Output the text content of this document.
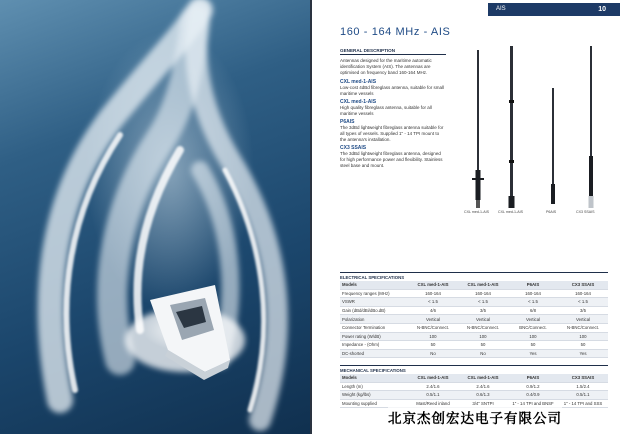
AIS	10
160 - 164 MHz - AIS
GENERAL DESCRIPTION
Antennas designed for the maritime automatic identification System (AIS). The antennas are optimised on frequency band 160-164 MHz.
CXL med-1-AIS
Low-cost 4dBd fibreglass antenna, suitable for small maritime vessels
CXL med-1-AIS
High quality fibreglass antenna, suitable for all maritime vessels
P6AIS
The 3dBd lightweight fibreglass antenna suitable for all types of vessels. Supplied 1" - 14 TPI mount to the antenna's installation.
CX3 SSAIS
The 3dBd lightweight fibreglass antenna, designed for high performance power and flexibility. Stainless steel base and mount.
CXL med-1-AIS CXL med-1-AIS	P6AIS	CX3 SSAIS
ELECTRICAL SPECIFICATIONS
Models	CXL med-1-AIS	CXL med-1-AIS	P6AIS	CX3 SSAIS
Frequency ranges (MHz)	160-164	160-164	160-164	160-164
VSWR	< 1.5	< 1.5	< 1.5	< 1.5
Gain (dBd/dBi/dBo.dB)	4/6	3/5	6/8	3/5
Polarization	Vertical	Vertical	Vertical	Vertical
Connector Termination	N-BNC/Connect.	N-BNC/Connect.	BNC/Connect.	N-BNC/Connect.
Power rating (W/dB)	100	100	100	100
Impedance - (Ohm)	50	50	50	50
DC-shorted	No	No	Yes	Yes
MECHANICAL SPECIFICATIONS
Models	CXL med-1-AIS	CXL med-1-AIS	P6AIS	CX3 SSAIS
Length (m)	2.4/1.6	2.4/1.6	0.9/1.2	1.5/2.4
Weight (kg/lbs)	0.5/1.1	0.6/1.3	0.4/0.9	0.5/1.1
Mounting supplied	Mast/Reed inland	3/4" SNTPI	1" - 14 TPI and BNSF	1" - 14 TPI and SSS
北京杰创宏达电子有限公司
